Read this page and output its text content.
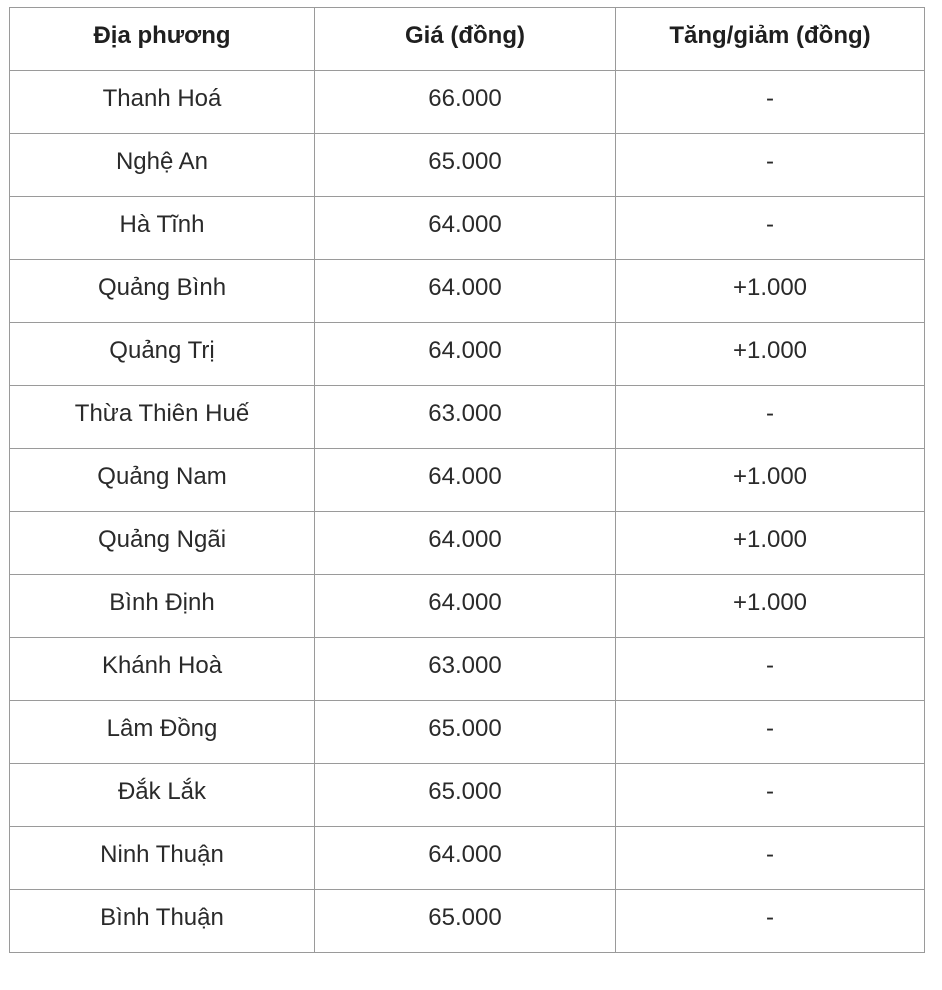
Địa phương	Giá (đồng)	Tăng/giảm (đồng)
Thanh Hoá	66.000	-
Nghệ An	65.000	-
Hà Tĩnh	64.000	-
Quảng Bình	64.000	+1.000
Quảng Trị	64.000	+1.000
Thừa Thiên Huế	63.000	-
Quảng Nam	64.000	+1.000
Quảng Ngãi	64.000	+1.000
Bình Định	64.000	+1.000
Khánh Hoà	63.000	-
Lâm Đồng	65.000	-
Đắk Lắk	65.000	-
Ninh Thuận	64.000	-
Bình Thuận	65.000	-
